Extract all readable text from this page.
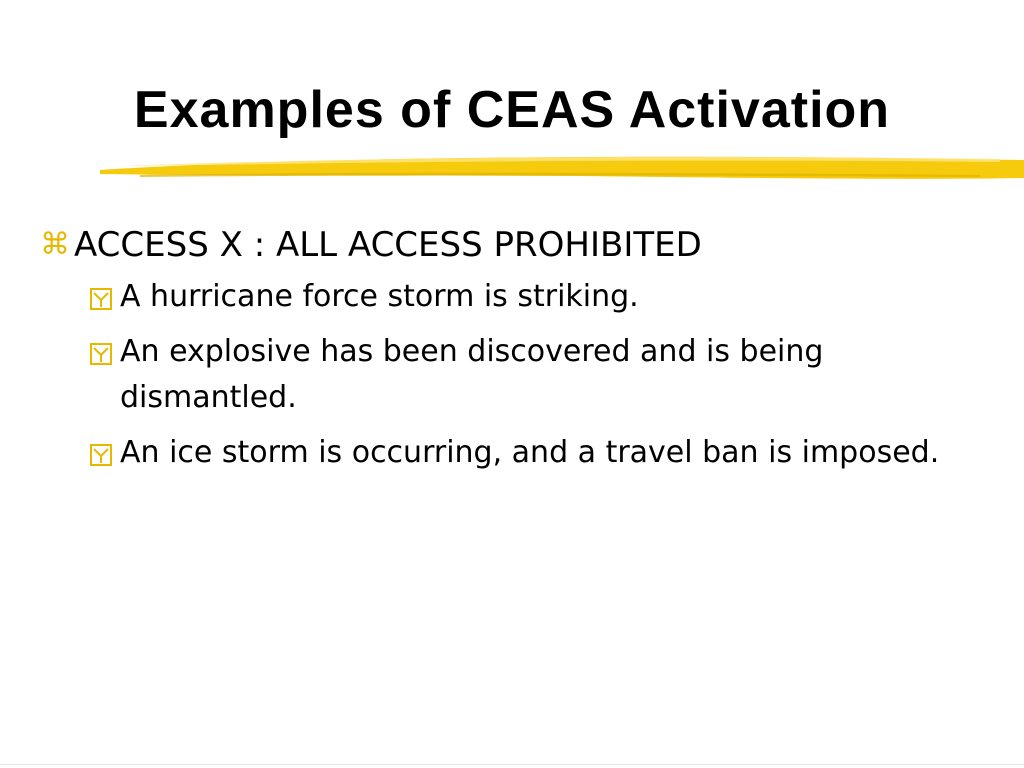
Examples of CEAS Activation
⌘ ACCESS X : ALL ACCESS PROHIBITED
A hurricane force storm is striking.
An explosive has been discovered and is being dismantled.
An ice storm is occurring, and a travel ban is imposed.
